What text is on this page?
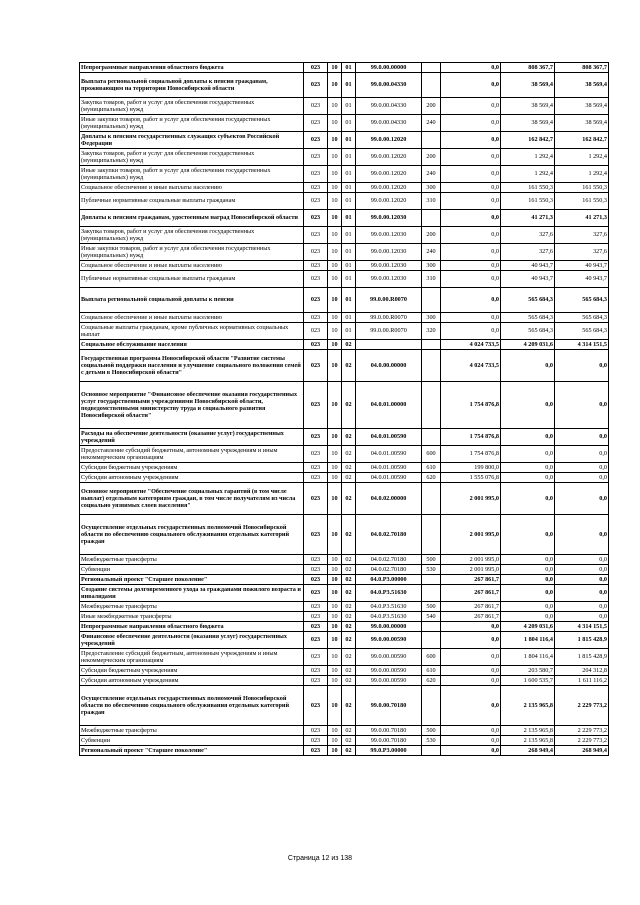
Непрограммные направления областного бюджета	023	10	01	99.0.00.00000		0,0	808 367,7	808 367,7
Выплата региональной социальной доплаты к пенсии гражданам, проживающим на территории Новосибирской области	023	10	01	99.0.00.04330		0,0	38 569,4	38 569,4
Закупка товаров, работ и услуг для обеспечения государственных (муниципальных) нужд	023	10	01	99.0.00.04330	200	0,0	38 569,4	38 569,4
Иные закупки товаров, работ и услуг для обеспечения государственных (муниципальных) нужд	023	10	01	99.0.00.04330	240	0,0	38 569,4	38 569,4
Доплаты к пенсиям государственных служащих субъектов Российской Федерации	023	10	01	99.0.00.12020		0,0	162 842,7	162 842,7
Закупка товаров, работ и услуг для обеспечения государственных (муниципальных) нужд	023	10	01	99.0.00.12020	200	0,0	1 292,4	1 292,4
Иные закупки товаров, работ и услуг для обеспечения государственных (муниципальных) нужд	023	10	01	99.0.00.12020	240	0,0	1 292,4	1 292,4
Социальное обеспечение и иные выплаты населению	023	10	01	99.0.00.12020	300	0,0	161 550,3	161 550,3
Публичные нормативные социальные выплаты гражданам	023	10	01	99.0.00.12020	310	0,0	161 550,3	161 550,3
Доплаты к пенсиям гражданам, удостоенным наград Новосибирской области	023	10	01	99.0.00.12030		0,0	41 271,3	41 271,3
Закупка товаров, работ и услуг для обеспечения государственных (муниципальных) нужд	023	10	01	99.0.00.12030	200	0,0	327,6	327,6
Иные закупки товаров, работ и услуг для обеспечения государственных (муниципальных) нужд	023	10	01	99.0.00.12030	240	0,0	327,6	327,6
Социальное обеспечение и иные выплаты населению	023	10	01	99.0.00.12030	300	0,0	40 943,7	40 943,7
Публичные нормативные социальные выплаты гражданам	023	10	01	99.0.00.12030	310	0,0	40 943,7	40 943,7
Выплата региональной социальной доплаты к пенсии	023	10	01	99.0.00.R0070		0,0	565 684,3	565 684,3
Социальное обеспечение и иные выплаты населению	023	10	01	99.0.00.R0070	300	0,0	565 684,3	565 684,3
Социальные выплаты гражданам, кроме публичных нормативных социальных выплат	023	10	01	99.0.00.R0070	320	0,0	565 684,3	565 684,3
Социальное обслуживание населения	023	10	02			4 024 733,5	4 209 031,6	4 314 151,5
Государственная программа Новосибирской области "Развитие системы социальной поддержки населения и улучшение социального положения семей с детьми в Новосибирской области"	023	10	02	04.0.00.00000		4 024 733,5	0,0	0,0
Основное мероприятие "Финансовое обеспечение оказания государственных услуг государственными учреждениями Новосибирской области, подведомственными министерству труда и социального развития Новосибирской области"	023	10	02	04.0.01.00000		1 754 876,8	0,0	0,0
Расходы на обеспечение деятельности (оказание услуг) государственных учреждений	023	10	02	04.0.01.00590		1 754 876,8	0,0	0,0
Предоставление субсидий бюджетным, автономным учреждениям и иным некоммерческим организациям	023	10	02	04.0.01.00590	600	1 754 876,8	0,0	0,0
Субсидии бюджетным учреждениям	023	10	02	04.0.01.00590	610	199 800,0	0,0	0,0
Субсидии автономным учреждениям	023	10	02	04.0.01.00590	620	1 555 076,8	0,0	0,0
Основное мероприятие "Обеспечение социальных гарантий (в том числе выплат) отдельным категориям граждан, в том числе получателям из числа социально уязвимых слоев населения"	023	10	02	04.0.02.00000		2 001 995,0	0,0	0,0
Осуществление отдельных государственных полномочий Новосибирской области по обеспечению социального обслуживания отдельных категорий граждан	023	10	02	04.0.02.70180		2 001 995,0	0,0	0,0
Межбюджетные трансферты	023	10	02	04.0.02.70180	500	2 001 995,0	0,0	0,0
Субвенции	023	10	02	04.0.02.70180	530	2 001 995,0	0,0	0,0
Региональный проект "Старшее поколение"	023	10	02	04.0.P3.00000		267 861,7	0,0	0,0
Создание системы долговременного ухода за гражданами пожилого возраста и инвалидами	023	10	02	04.0.P3.51630		267 861,7	0,0	0,0
Межбюджетные трансферты	023	10	02	04.0.P3.51630	500	267 861,7	0,0	0,0
Иные межбюджетные трансферты	023	10	02	04.0.P3.51630	540	267 861,7	0,0	0,0
Непрограммные направления областного бюджета	023	10	02	99.0.00.00000		0,0	4 209 031,6	4 314 151,5
Финансовое обеспечение деятельности (оказания услуг) государственных учреждений	023	10	02	99.0.00.00590		0,0	1 804 116,4	1 815 428,9
Предоставление субсидий бюджетным, автономным учреждениям и иным некоммерческим организациям	023	10	02	99.0.00.00590	600	0,0	1 804 116,4	1 815 428,9
Субсидии бюджетным учреждениям	023	10	02	99.0.00.00590	610	0,0	203 580,7	204 312,8
Субсидии автономным учреждениям	023	10	02	99.0.00.00590	620	0,0	1 600 535,7	1 611 116,2
Осуществление отдельных государственных полномочий Новосибирской области по обеспечению социального обслуживания отдельных категорий граждан	023	10	02	99.0.00.70180		0,0	2 135 965,8	2 229 773,2
Межбюджетные трансферты	023	10	02	99.0.00.70180	500	0,0	2 135 965,8	2 229 773,2
Субвенции	023	10	02	99.0.00.70180	530	0,0	2 135 965,8	2 229 773,2
Региональный проект "Старшее поколение"	023	10	02	99.0.P3.00000		0,0	268 949,4	268 949,4
Страница 12 из 138
